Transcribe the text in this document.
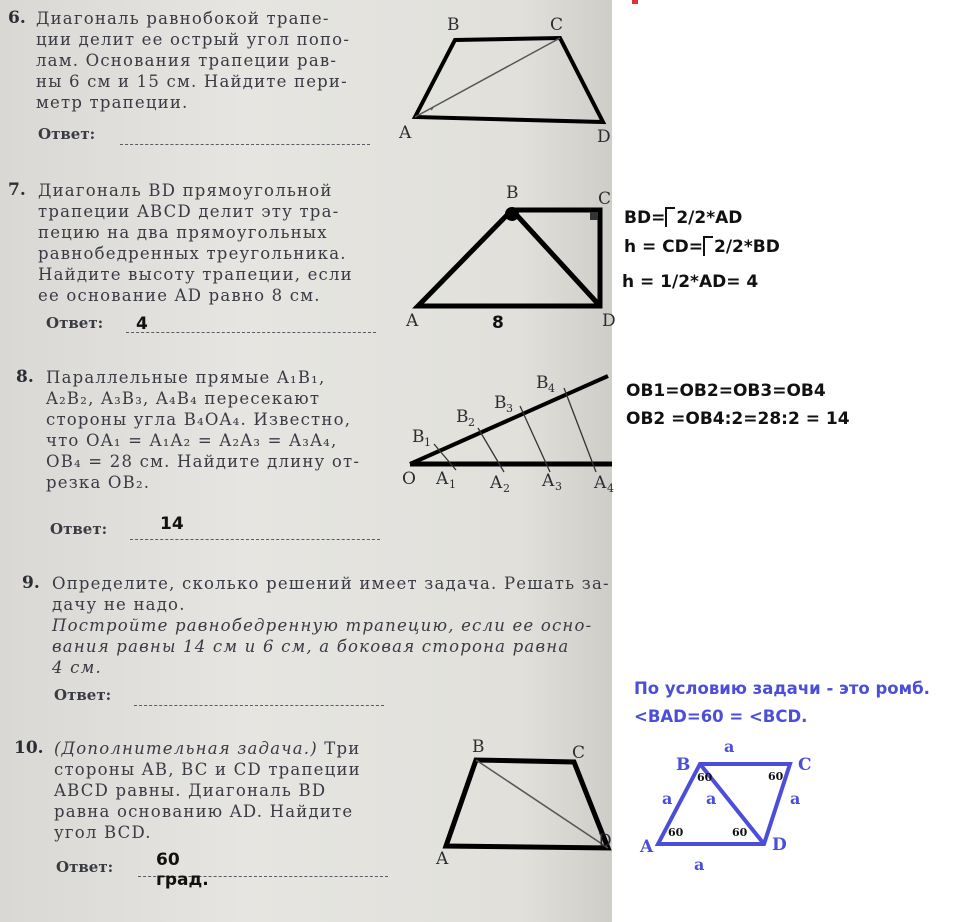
6. Диагональ равнобокой трапе-
ции делит ее острый угол попо-
лам. Основания трапеции рав-
ны 6 см и 15 см. Найдите пери-
метр трапеции.
Ответ:	A
B	C
D
7. Диагональ BD прямоугольной
трапеции ABCD делит эту тра-
пецию на два прямоугольных
равнобедренных треугольника.
Найдите высоту трапеции, если
ее основание AD равно 8 см.
Ответ: 4	A
B	C
D
8
8. Параллельные прямые A₁B₁,
A₂B₂, A₃B₃, A₄B₄ пересекают
стороны угла B₄OA₄. Известно,
что OA₁ = A₁A₂ = A₂A₃ = A₃A₄,
OB₄ = 28 см. Найдите длину от-
резка OB₂.
Ответ:	14
O A 1 A 2 A 3 A 4
B 1
B 2
B 3
B 4
9. Определите, сколько решений имеет задача. Решать за-
дачу не надо.
Постройте равнобедренную трапецию, если ее осно-
вания равны 14 см и 6 см, а боковая сторона равна
4 см.
Ответ:
10. (Дополнительная задача.) Три
стороны AB, BC и CD трапеции
ABCD равны. Диагональ BD
равна основанию AD. Найдите
угол BCD.
Ответ:	60 град.
A
B	C
D
BD= 2/2*AD
h = CD= 2/2*BD
h = 1/2*AD= 4
OB1=OB2=OB3=OB4
OB2 =OB4:2=28:2 = 14
По условию задачи - это ромб.
<BAD=60 = <BCD.
A
B	C
D
a
a a	a
a
60
60	60
60
